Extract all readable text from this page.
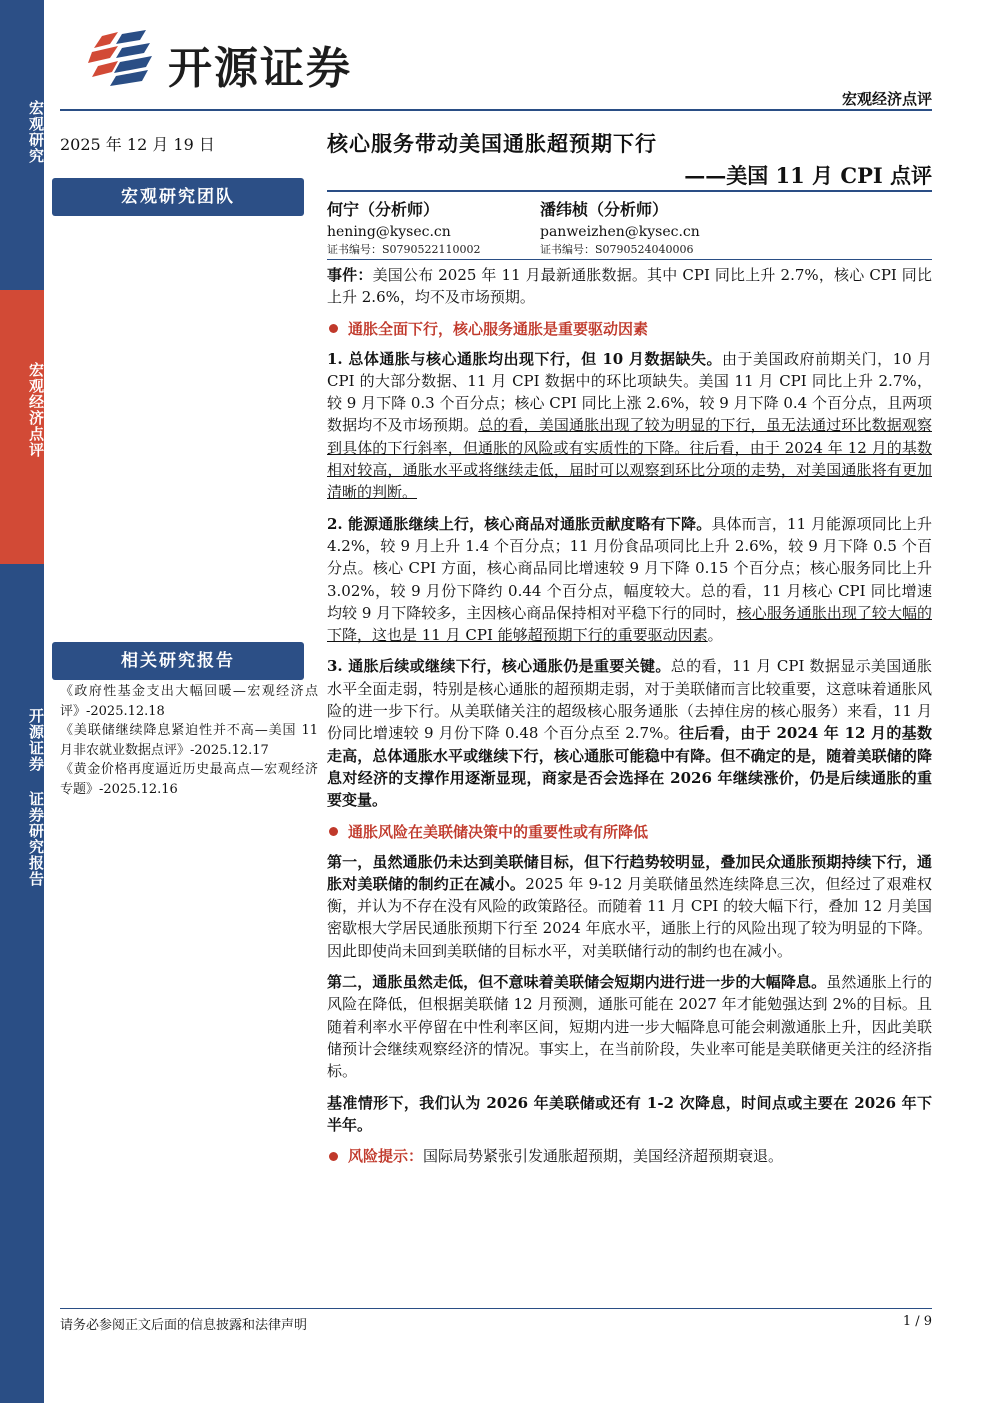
宏观研究
宏观经济点评
开源证券 证券研究报告
开源证券
宏观经济点评
2025 年 12 月 19 日
宏观研究团队
相关研究报告

《政府性基金支出大幅回暖—宏观经济点评》-2025.12.18

《美联储继续降息紧迫性并不高—美国 11 月非农就业数据点评》-2025.12.17

《黄金价格再度逼近历史最高点—宏观经济专题》-2025.12.16

核心服务带动美国通胀超预期下行
——美国 11 月 CPI 点评
何宁（分析师）
hening@kysec.cn
证书编号：S0790522110002
潘纬桢（分析师）
panweizhen@kysec.cn
证书编号：S0790524040006

事件：美国公布 2025 年 11 月最新通胀数据。其中 CPI 同比上升 2.7%，核心 CPI 同比上升 2.6%，均不及市场预期。

通胀全面下行，核心服务通胀是重要驱动因素

1. 总体通胀与核心通胀均出现下行，但 10 月数据缺失。由于美国政府前期关门，10 月 CPI 的大部分数据、11 月 CPI 数据中的环比项缺失。美国 11 月 CPI 同比上升 2.7%，较 9 月下降 0.3 个百分点；核心 CPI 同比上涨 2.6%，较 9 月下降 0.4 个百分点，且两项数据均不及市场预期。总的看，美国通胀出现了较为明显的下行，虽无法通过环比数据观察到具体的下行斜率，但通胀的风险或有实质性的下降。往后看，由于 2024 年 12 月的基数相对较高，通胀水平或将继续走低，届时可以观察到环比分项的走势，对美国通胀将有更加清晰的判断。

2. 能源通胀继续上行，核心商品对通胀贡献度略有下降。具体而言，11 月能源项同比上升 4.2%，较 9 月上升 1.4 个百分点；11 月份食品项同比上升 2.6%，较 9 月下降 0.5 个百分点。核心 CPI 方面，核心商品同比增速较 9 月下降 0.15 个百分点；核心服务同比上升 3.02%，较 9 月份下降约 0.44 个百分点，幅度较大。总的看，11 月核心 CPI 同比增速均较 9 月下降较多，主因核心商品保持相对平稳下行的同时，核心服务通胀出现了较大幅的下降，这也是 11 月 CPI 能够超预期下行的重要驱动因素。

3. 通胀后续或继续下行，核心通胀仍是重要关键。总的看，11 月 CPI 数据显示美国通胀水平全面走弱，特别是核心通胀的超预期走弱，对于美联储而言比较重要，这意味着通胀风险的进一步下行。从美联储关注的超级核心服务通胀（去掉住房的核心服务）来看，11 月份同比增速较 9 月份下降 0.48 个百分点至 2.7%。往后看，由于 2024 年 12 月的基数走高，总体通胀水平或继续下行，核心通胀可能稳中有降。但不确定的是，随着美联储的降息对经济的支撑作用逐渐显现，商家是否会选择在 2026 年继续涨价，仍是后续通胀的重要变量。

通胀风险在美联储决策中的重要性或有所降低

第一，虽然通胀仍未达到美联储目标，但下行趋势较明显，叠加民众通胀预期持续下行，通胀对美联储的制约正在减小。2025 年 9-12 月美联储虽然连续降息三次，但经过了艰难权衡，并认为不存在没有风险的政策路径。而随着 11 月 CPI 的较大幅下行，叠加 12 月美国密歇根大学居民通胀预期下行至 2024 年底水平，通胀上行的风险出现了较为明显的下降。因此即使尚未回到美联储的目标水平，对美联储行动的制约也在减小。

第二，通胀虽然走低，但不意味着美联储会短期内进行进一步的大幅降息。虽然通胀上行的风险在降低，但根据美联储 12 月预测，通胀可能在 2027 年才能勉强达到 2%的目标。且随着利率水平停留在中性利率区间，短期内进一步大幅降息可能会刺激通胀上升，因此美联储预计会继续观察经济的情况。事实上，在当前阶段，失业率可能是美联储更关注的经济指标。

基准情形下，我们认为 2026 年美联储或还有 1-2 次降息，时间点或主要在 2026 年下半年。

风险提示： 国际局势紧张引发通胀超预期，美国经济超预期衰退。

请务必参阅正文后面的信息披露和法律声明	1 / 9
